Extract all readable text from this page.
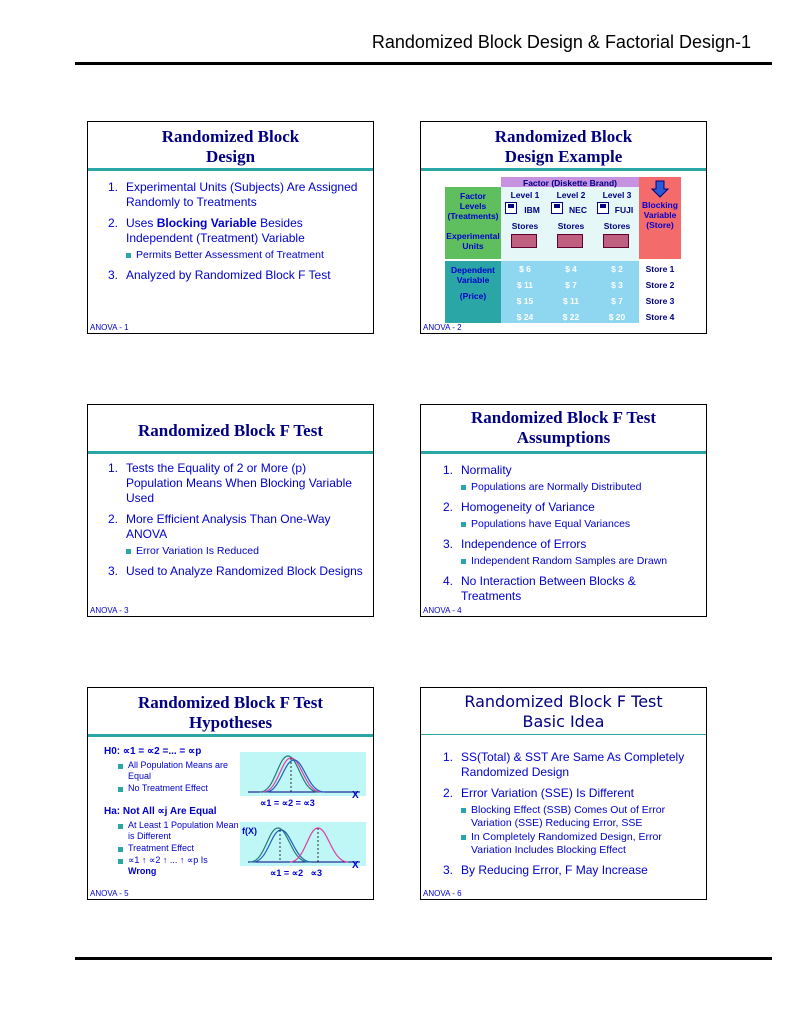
Randomized Block Design & Factorial Design-1
Randomized Block
Design
1. Experimental Units (Subjects) Are Assigned Randomly to Treatments
2. Uses Blocking Variable Besides Independent (Treatment) Variable
Permits Better Assessment of Treatment
3. Analyzed by Randomized Block F Test
ANOVA - 1
Randomized Block
Design Example
Factor (Diskette Brand)
Factor
Levels
(Treatments)
Experimental
Units
Dependent
Variable
(Price)
Level 1	Level 2	Level 3
IBM	NEC	FUJI
Stores	Stores	Stores
Blocking
Variable
(Store)
$ 6	$ 4	$ 2	Store 1
$ 11	$ 7	$ 3	Store 2
$ 15	$ 11	$ 7	Store 3
$ 24	$ 22	$ 20	Store 4
ANOVA - 2
Randomized Block F Test
1. Tests the Equality of 2 or More (p) Population Means When Blocking Variable Used
2. More Efficient Analysis Than One-Way ANOVA
Error Variation Is Reduced
3. Used to Analyze Randomized Block Designs
ANOVA - 3
Randomized Block F Test
Assumptions
1. Normality
Populations are Normally Distributed
2. Homogeneity of Variance
Populations have Equal Variances
3. Independence of Errors
Independent Random Samples are Drawn
4. No Interaction Between Blocks & Treatments
ANOVA - 4
Randomized Block F Test
Hypotheses
H0: ∝1 = ∝2 =... = ∝p
All Population Means are Equal
No Treatment Effect
Ha: Not All ∝j Are Equal
At Least 1 Population Mean is Different
Treatment Effect
∝1 ↑ ∝2 ↑ ... ↑ ∝p Is
Wrong
X
∝1 = ∝2 = ∝3
f(X)
X
∝1 = ∝2   ∝3
ANOVA - 5
Randomized Block F Test
Basic Idea
1. SS(Total) & SST Are Same As Completely Randomized Design
2. Error Variation (SSE) Is Different
Blocking Effect (SSB) Comes Out of Error Variation (SSE) Reducing Error, SSE
In Completely Randomized Design, Error Variation Includes Blocking Effect
3. By Reducing Error, F May Increase
ANOVA - 6
